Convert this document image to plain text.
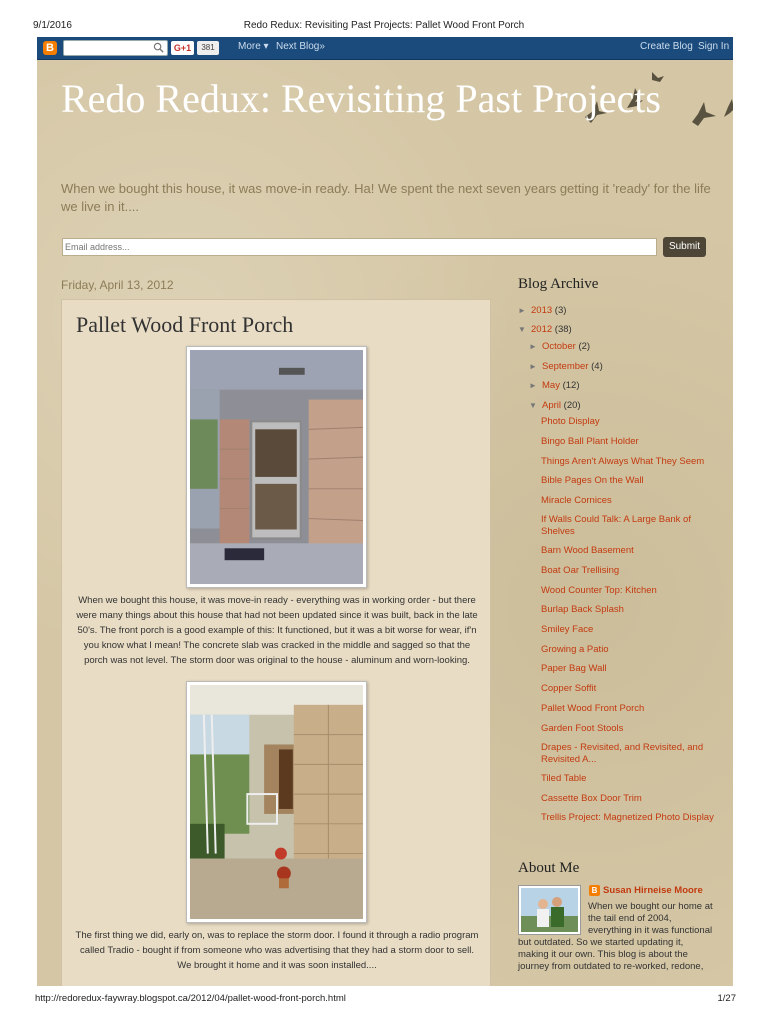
9/1/2016	Redo Redux: Revisiting Past Projects: Pallet Wood Front Porch
B	G+1	381	More ▾ Next Blog»	Create Blog Sign In
Redo Redux: Revisiting Past Projects
When we bought this house, it was move-in ready. Ha! We spent the next seven years getting it 'ready' for the life we live in it....
Email address...
Submit
Friday, April 13, 2012
Pallet Wood Front Porch
When we bought this house, it was move-in ready - everything was in working order - but there were many things about this house that had not been updated since it was built, back in the late 50's. The front porch is a good example of this: It functioned, but it was a bit worse for wear, if'n you know what I mean! The concrete slab was cracked in the middle and sagged so that the porch was not level. The storm door was original to the house - aluminum and worn-looking.
The first thing we did, early on, was to replace the storm door. I found it through a radio program called Tradio - bought if from someone who was advertising that they had a storm door to sell. We brought it home and it was soon installed....
Blog Archive
► 2013 (3)
▼ 2012 (38)
► October (2)
► September (4)
► May (12)
▼ April (20)
Photo Display
Bingo Ball Plant Holder
Things Aren't Always What They Seem
Bible Pages On the Wall
Miracle Cornices
If Walls Could Talk: A Large Bank of Shelves
Barn Wood Basement
Boat Oar Trellising
Wood Counter Top: Kitchen
Burlap Back Splash
Smiley Face
Growing a Patio
Paper Bag Wall
Copper Soffit
Pallet Wood Front Porch
Garden Foot Stools
Drapes - Revisited, and Revisited, and Revisited A...
Tiled Table
Cassette Box Door Trim
Trellis Project: Magnetized Photo Display
About Me
B Susan Hirneise Moore
When we bought our home at the tail end of 2004, everything in it was functional
but outdated. So we started updating it, making it our own. This blog is about the journey from outdated to re-worked, redone,
http://redoredux-faywray.blogspot.ca/2012/04/pallet-wood-front-porch.html	1/27
